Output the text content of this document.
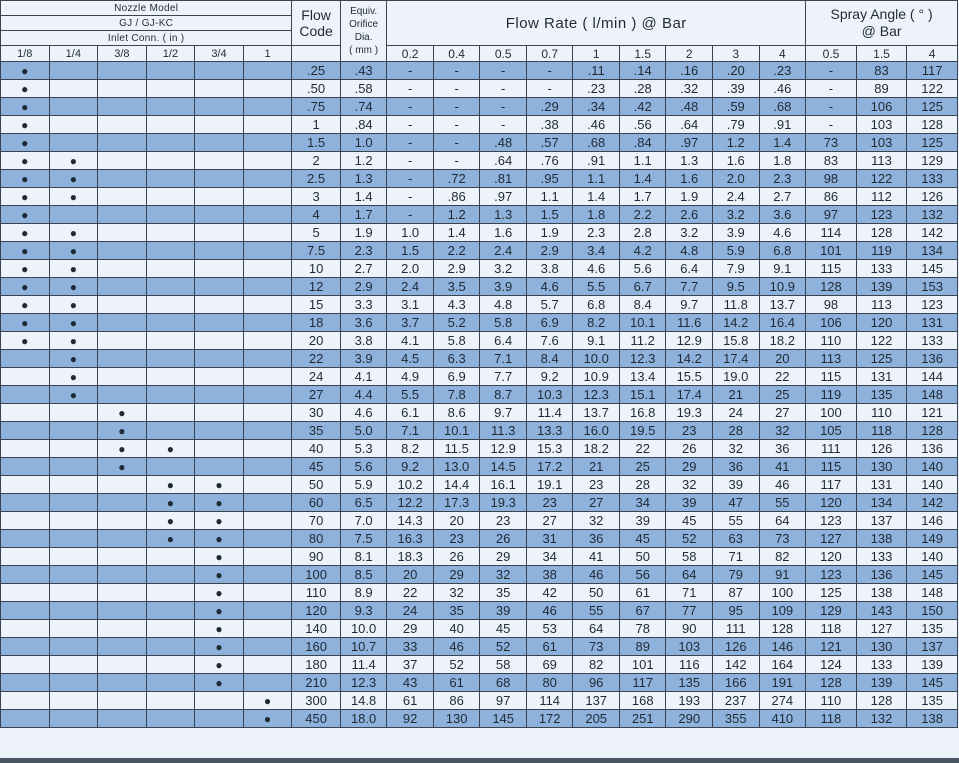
Nozzle Model						Flow
Code	Equiv.
Orifice
Dia.
( mm )	Flow Rate ( l/min ) @ Bar									Spray Angle ( ° )
@ Bar		
GJ / GJ-KC																			
Inlet Conn. ( in )																			
1/8	1/4	3/8	1/2	3/4	1			0.2	0.4	0.5	0.7	1	1.5	2	3	4	0.5	1.5	4
●						.25	.43	-	-	-	-	.11	.14	.16	.20	.23	-	83	117
●						.50	.58	-	-	-	-	.23	.28	.32	.39	.46	-	89	122
●						.75	.74	-	-	-	.29	.34	.42	.48	.59	.68	-	106	125
●						1	.84	-	-	-	.38	.46	.56	.64	.79	.91	-	103	128
●						1.5	1.0	-	-	.48	.57	.68	.84	.97	1.2	1.4	73	103	125
●	●					2	1.2	-	-	.64	.76	.91	1.1	1.3	1.6	1.8	83	113	129
●	●					2.5	1.3	-	.72	.81	.95	1.1	1.4	1.6	2.0	2.3	98	122	133
●	●					3	1.4	-	.86	.97	1.1	1.4	1.7	1.9	2.4	2.7	86	112	126
●						4	1.7	-	1.2	1.3	1.5	1.8	2.2	2.6	3.2	3.6	97	123	132
●	●					5	1.9	1.0	1.4	1.6	1.9	2.3	2.8	3.2	3.9	4.6	114	128	142
●	●					7.5	2.3	1.5	2.2	2.4	2.9	3.4	4.2	4.8	5.9	6.8	101	119	134
●	●					10	2.7	2.0	2.9	3.2	3.8	4.6	5.6	6.4	7.9	9.1	115	133	145
●	●					12	2.9	2.4	3.5	3.9	4.6	5.5	6.7	7.7	9.5	10.9	128	139	153
●	●					15	3.3	3.1	4.3	4.8	5.7	6.8	8.4	9.7	11.8	13.7	98	113	123
●	●					18	3.6	3.7	5.2	5.8	6.9	8.2	10.1	11.6	14.2	16.4	106	120	131
●	●					20	3.8	4.1	5.8	6.4	7.6	9.1	11.2	12.9	15.8	18.2	110	122	133
	●					22	3.9	4.5	6.3	7.1	8.4	10.0	12.3	14.2	17.4	20	113	125	136
	●					24	4.1	4.9	6.9	7.7	9.2	10.9	13.4	15.5	19.0	22	115	131	144
	●					27	4.4	5.5	7.8	8.7	10.3	12.3	15.1	17.4	21	25	119	135	148
		●				30	4.6	6.1	8.6	9.7	11.4	13.7	16.8	19.3	24	27	100	110	121
		●				35	5.0	7.1	10.1	11.3	13.3	16.0	19.5	23	28	32	105	118	128
		●	●			40	5.3	8.2	11.5	12.9	15.3	18.2	22	26	32	36	111	126	136
		●				45	5.6	9.2	13.0	14.5	17.2	21	25	29	36	41	115	130	140
			●	●		50	5.9	10.2	14.4	16.1	19.1	23	28	32	39	46	117	131	140
			●	●		60	6.5	12.2	17.3	19.3	23	27	34	39	47	55	120	134	142
			●	●		70	7.0	14.3	20	23	27	32	39	45	55	64	123	137	146
			●	●		80	7.5	16.3	23	26	31	36	45	52	63	73	127	138	149
				●		90	8.1	18.3	26	29	34	41	50	58	71	82	120	133	140
				●		100	8.5	20	29	32	38	46	56	64	79	91	123	136	145
				●		110	8.9	22	32	35	42	50	61	71	87	100	125	138	148
				●		120	9.3	24	35	39	46	55	67	77	95	109	129	143	150
				●		140	10.0	29	40	45	53	64	78	90	111	128	118	127	135
				●		160	10.7	33	46	52	61	73	89	103	126	146	121	130	137
				●		180	11.4	37	52	58	69	82	101	116	142	164	124	133	139
				●		210	12.3	43	61	68	80	96	117	135	166	191	128	139	145
					●	300	14.8	61	86	97	114	137	168	193	237	274	110	128	135
					●	450	18.0	92	130	145	172	205	251	290	355	410	118	132	138
